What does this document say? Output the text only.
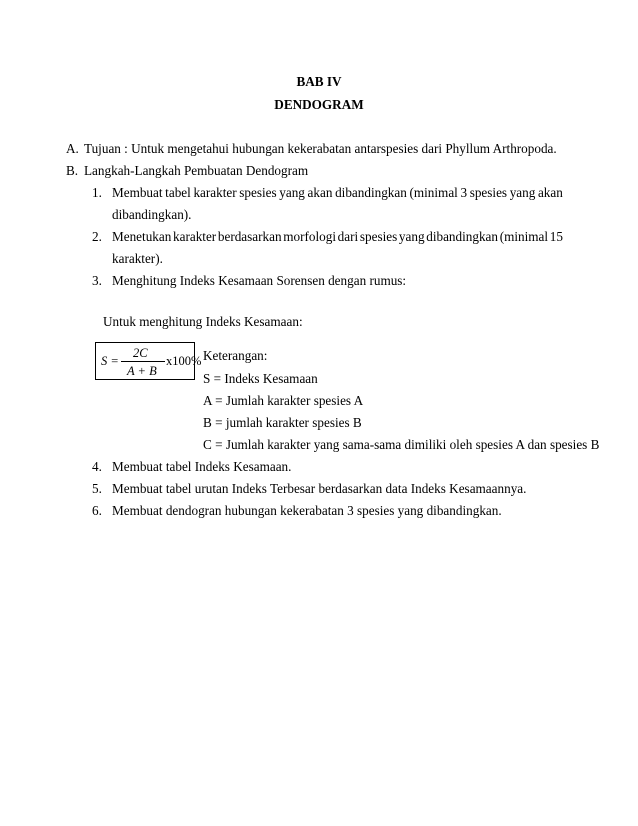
BAB IV
DENDOGRAM
A. Tujuan : Untuk mengetahui hubungan kekerabatan antarspesies dari Phyllum Arthropoda.
B. Langkah-Langkah Pembuatan Dendogram
1. Membuat tabel karakter spesies yang akan dibandingkan (minimal 3 spesies yang akan
dibandingkan).
2. Menetukan karakter berdasarkan morfologi dari spesies yang dibandingkan (minimal 15
karakter).
3. Menghitung Indeks Kesamaan Sorensen dengan rumus:
Untuk menghitung Indeks Kesamaan:
S =
2C
A + B
x100% Keterangan:
S = Indeks Kesamaan
A = Jumlah karakter spesies A
B = jumlah karakter spesies B
C = Jumlah karakter yang sama-sama dimiliki oleh spesies A dan spesies B
4. Membuat tabel Indeks Kesamaan.
5. Membuat tabel urutan Indeks Terbesar berdasarkan data Indeks Kesamaannya.
6. Membuat dendogran hubungan kekerabatan 3 spesies yang dibandingkan.
